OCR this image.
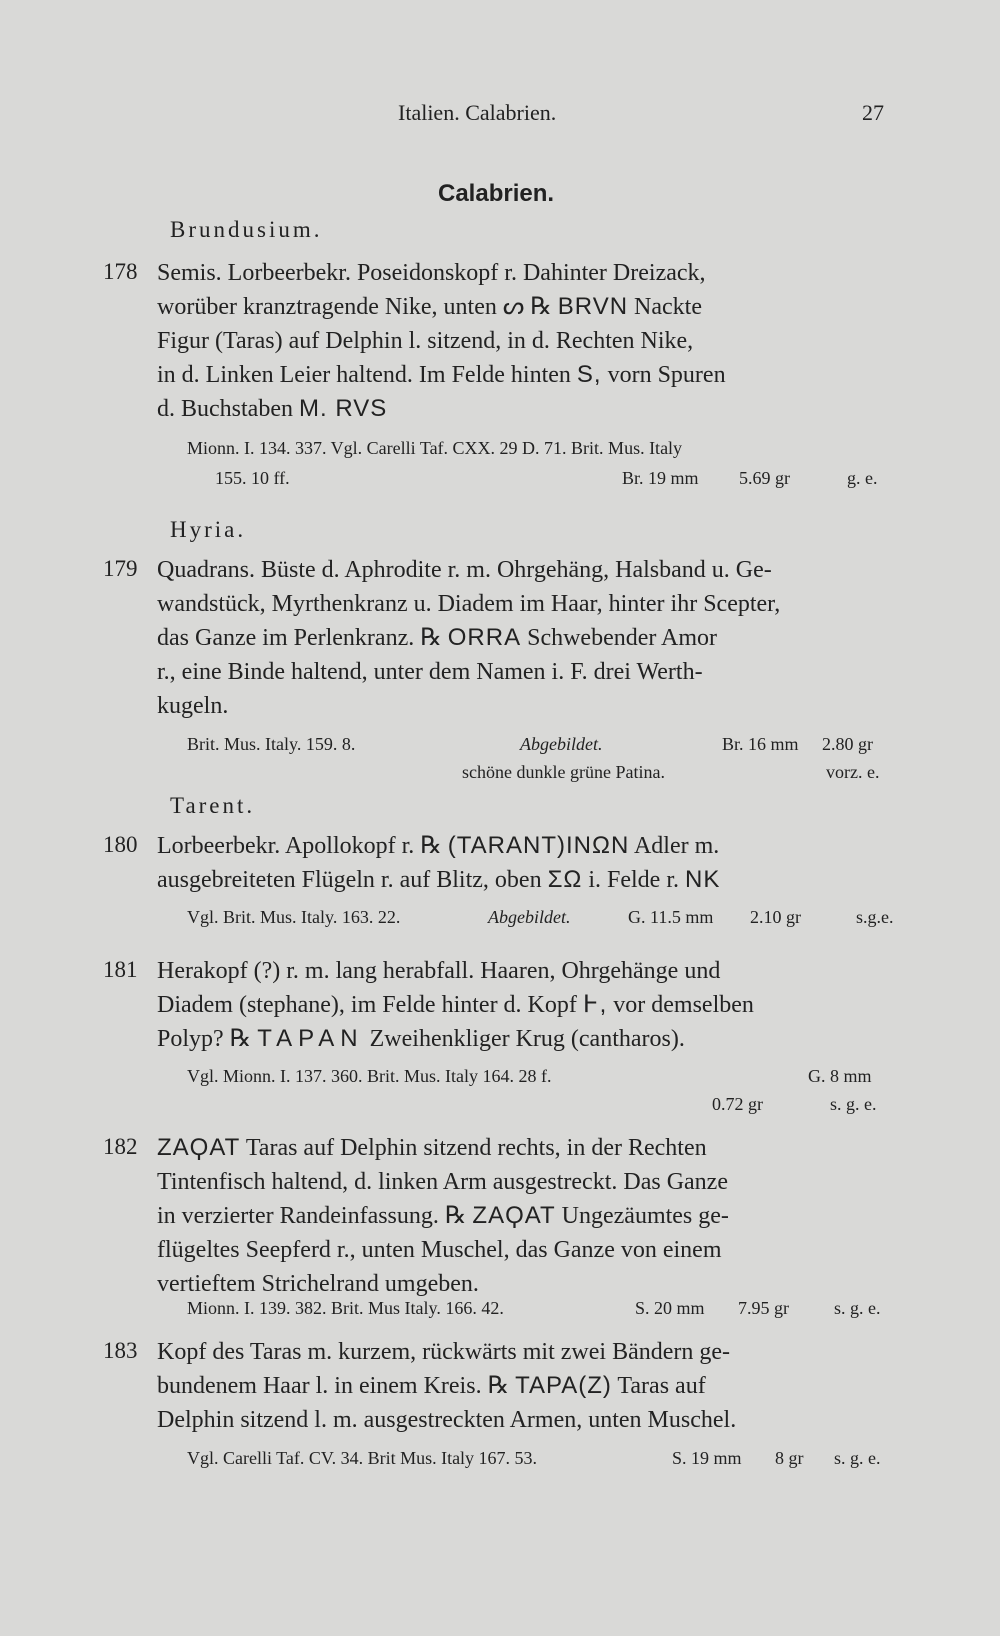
Italien. Calabrien.	27
Calabrien.
Brundusium.
178 Semis. Lorbeerbekr. Poseidonskopf r. Dahinter Dreizack,
worüber kranztragende Nike, unten ᔕ ℞ BRVN Nackte
Figur (Taras) auf Delphin l. sitzend, in d. Rechten Nike,
in d. Linken Leier haltend. Im Felde hinten S, vorn Spuren
d. Buchstaben M. RVS
Mionn. I. 134. 337. Vgl. Carelli Taf. CXX. 29 D. 71. Brit. Mus. Italy
155. 10 ff.	Br. 19 mm 5.69 gr	g. e.
Hyria.
179 Quadrans. Büste d. Aphrodite r. m. Ohrgehäng, Halsband u. Ge-
wandstück, Myrthenkranz u. Diadem im Haar, hinter ihr Scepter,
das Ganze im Perlenkranz. ℞ ORRA Schwebender Amor
r., eine Binde haltend, unter dem Namen i. F. drei Werth-
kugeln.
Brit. Mus. Italy. 159. 8.	Abgebildet.	Br. 16 mm 2.80 gr
schöne dunkle grüne Patina.	vorz. e.
Tarent.
180 Lorbeerbekr. Apollokopf r. ℞ (TARANT)INΩN Adler m.
ausgebreiteten Flügeln r. auf Blitz, oben ΣΩ i. Felde r. NK
Vgl. Brit. Mus. Italy. 163. 22.	Abgebildet.	G. 11.5 mm 2.10 gr	s.g.e.
181 Herakopf (?) r. m. lang herabfall. Haaren, Ohrgehänge und
Diadem (stephane), im Felde hinter d. Kopf Ͱ, vor demselben
Polyp? ℞ TAPAN Zweihenkliger Krug (cantharos).
Vgl. Mionn. I. 137. 360. Brit. Mus. Italy 164. 28 f.	G. 8 mm
0.72 gr	s. g. e.
182 ZAϘAT Taras auf Delphin sitzend rechts, in der Rechten
Tintenfisch haltend, d. linken Arm ausgestreckt. Das Ganze
in verzierter Randeinfassung. ℞ ZAϘAT Ungezäumtes ge-
flügeltes Seepferd r., unten Muschel, das Ganze von einem
vertieftem Strichelrand umgeben.
Mionn. I. 139. 382. Brit. Mus Italy. 166. 42.	S. 20 mm 7.95 gr	s. g. e.
183 Kopf des Taras m. kurzem, rückwärts mit zwei Bändern ge-
bundenem Haar l. in einem Kreis. ℞ TAPA(Z) Taras auf
Delphin sitzend l. m. ausgestreckten Armen, unten Muschel.
Vgl. Carelli Taf. CV. 34. Brit Mus. Italy 167. 53.	S. 19 mm 8 gr s. g. e.
